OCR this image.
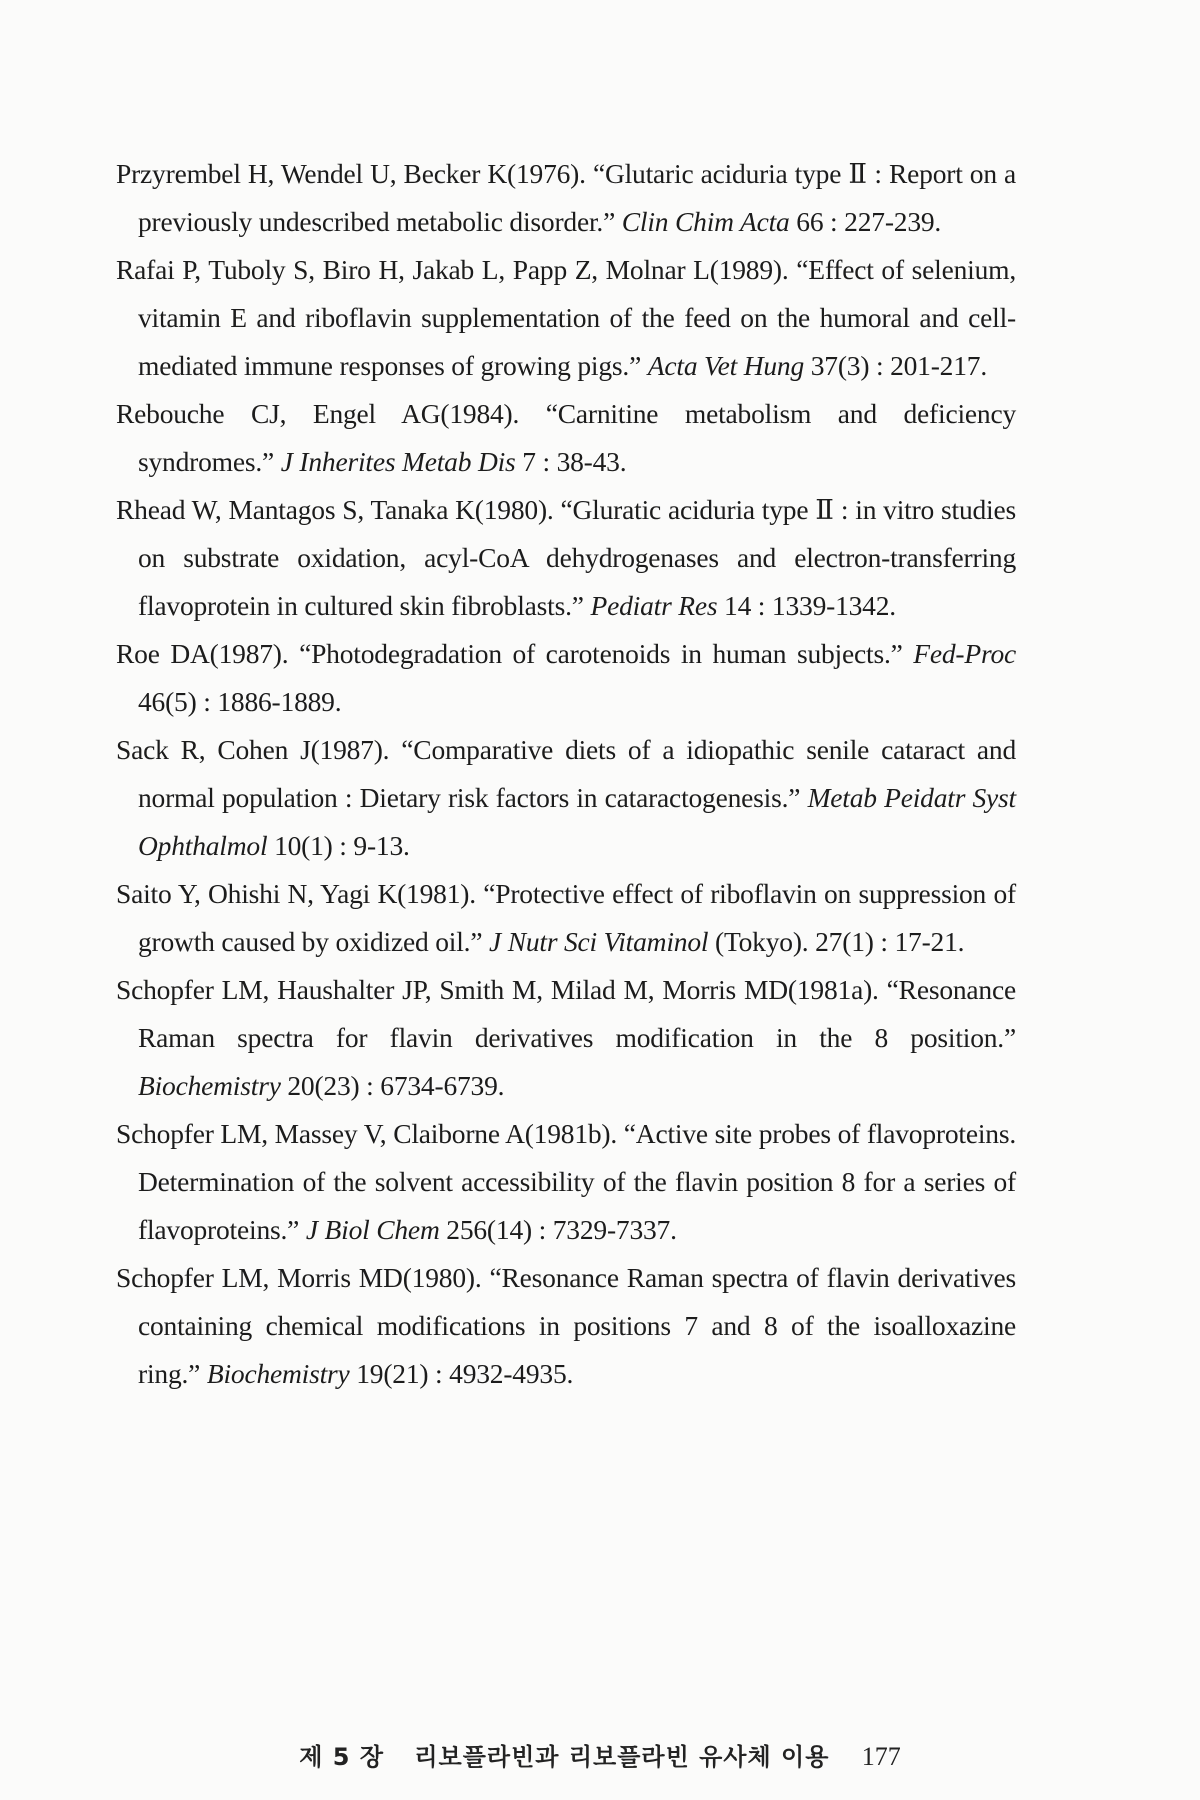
Przyrembel H, Wendel U, Becker K(1976). “Glutaric aciduria type Ⅱ : Report on a previously undescribed metabolic disorder.” Clin Chim Acta 66 : 227-239.

Rafai P, Tuboly S, Biro H, Jakab L, Papp Z, Molnar L(1989). “Effect of selenium, vitamin E and riboflavin supplementation of the feed on the humoral and cell-mediated immune responses of growing pigs.” Acta Vet Hung 37(3) : 201-217.

Rebouche CJ, Engel AG(1984). “Carnitine metabolism and deficiency syndromes.” J Inherites Metab Dis 7 : 38-43.

Rhead W, Mantagos S, Tanaka K(1980). “Gluratic aciduria type Ⅱ : in vitro studies on substrate oxidation, acyl-CoA dehydrogenases and electron-transferring flavoprotein in cultured skin fibroblasts.” Pediatr Res 14 : 1339-1342.

Roe DA(1987). “Photodegradation of carotenoids in human subjects.” Fed-Proc 46(5) : 1886-1889.

Sack R, Cohen J(1987). “Comparative diets of a idiopathic senile cataract and normal population : Dietary risk factors in cataractogenesis.” Metab Peidatr Syst Ophthalmol 10(1) : 9-13.

Saito Y, Ohishi N, Yagi K(1981). “Protective effect of riboflavin on suppression of growth caused by oxidized oil.” J Nutr Sci Vitaminol (Tokyo). 27(1) : 17-21.

Schopfer LM, Haushalter JP, Smith M, Milad M, Morris MD(1981a). “Resonance Raman spectra for flavin derivatives modification in the 8 position.” Biochemistry 20(23) : 6734-6739.

Schopfer LM, Massey V, Claiborne A(1981b). “Active site probes of flavoproteins. Determination of the solvent accessibility of the flavin position 8 for a series of flavoproteins.” J Biol Chem 256(14) : 7329-7337.

Schopfer LM, Morris MD(1980). “Resonance Raman spectra of flavin derivatives containing chemical modifications in positions 7 and 8 of the isoalloxazine ring.” Biochemistry 19(21) : 4932-4935.

제 5 장 리보플라빈과 리보플라빈 유사체 이용 177
